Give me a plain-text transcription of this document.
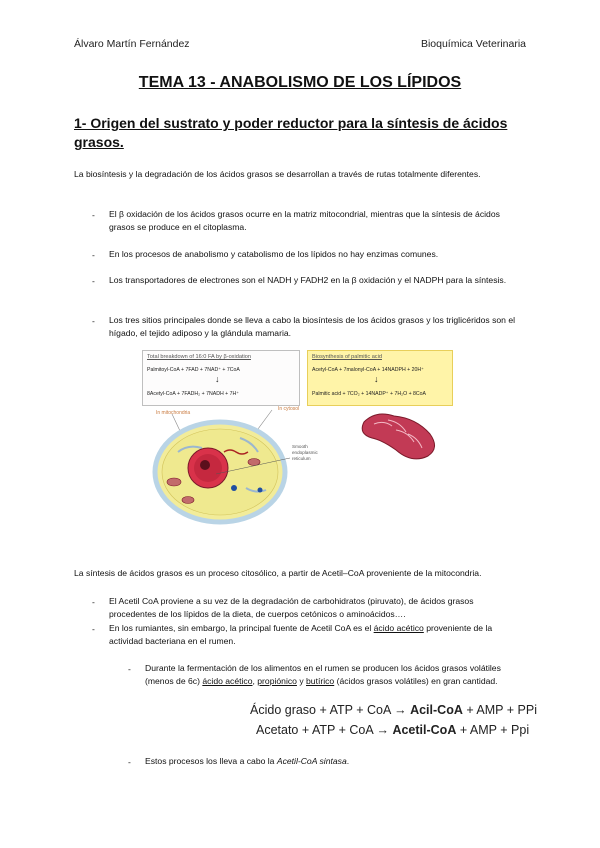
Álvaro Martín Fernández	Bioquímica Veterinaria
TEMA 13 - ANABOLISMO DE LOS LÍPIDOS
1- Origen del sustrato y poder reductor para la síntesis de ácidos grasos.
La biosíntesis y la degradación de los ácidos grasos se desarrollan a través de rutas totalmente diferentes.
- El β oxidación de los ácidos grasos ocurre en la matriz mitocondrial, mientras que la síntesis de ácidos grasos se produce en el citoplasma.
- En los procesos de anabolismo y catabolismo de los lípidos no hay enzimas comunes.
- Los transportadores de electrones son el NADH y FADH2 en la β oxidación y el NADPH para la síntesis.
- Los tres sitios principales donde se lleva a cabo la biosíntesis de los ácidos grasos y los triglicéridos son el hígado, el tejido adiposo y la glándula mamaria.
Total breakdown of 16:0 FA by β-oxidation
Palmitoyl-CoA + 7FAD + 7NAD⁺ + 7CoA
↓
8Acetyl-CoA + 7FADH₂ + 7NADH + 7H⁺
Biosynthesis of palmitic acid
Acetyl-CoA + 7malonyl-CoA + 14NADPH + 20H⁺
↓
Palmitic acid + 7CO₂ + 14NADP⁺ + 7H₂O + 8CoA
In mitochondria
In cytosol
Smooth endoplasmic reticulum
La síntesis de ácidos grasos es un proceso citosólico, a partir de Acetil–CoA proveniente de la mitocondria.
- El Acetil CoA proviene a su vez de la degradación de carbohidratos (piruvato), de ácidos grasos procedentes de los lípidos de la dieta, de cuerpos cetónicos o aminoácidos….
- En los rumiantes, sin embargo, la principal fuente de Acetil CoA es el ácido acético proveniente de la actividad bacteriana en el rumen.
- Durante la fermentación de los alimentos en el rumen se producen los ácidos grasos volátiles (menos de 6c) ácido acético, propiónico y butírico (ácidos grasos volátiles) en gran cantidad.
Ácido graso + ATP + CoA → Acil-CoA + AMP + PPi
Acetato + ATP + CoA → Acetil-CoA + AMP + Ppi
- Estos procesos los lleva a cabo la Acetil-CoA sintasa.
